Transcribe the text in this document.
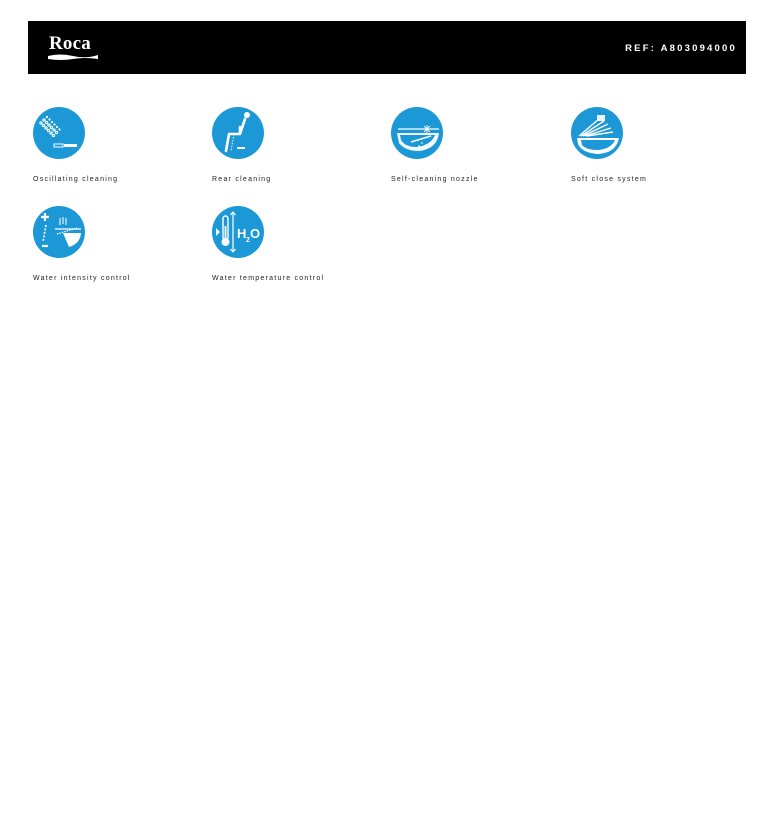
Roca	REF: A803094000
Oscillating cleaning	Rear cleaning	Self-cleaning nozzle	Soft close system
Water intensity control
H 2 O
Water temperature control
